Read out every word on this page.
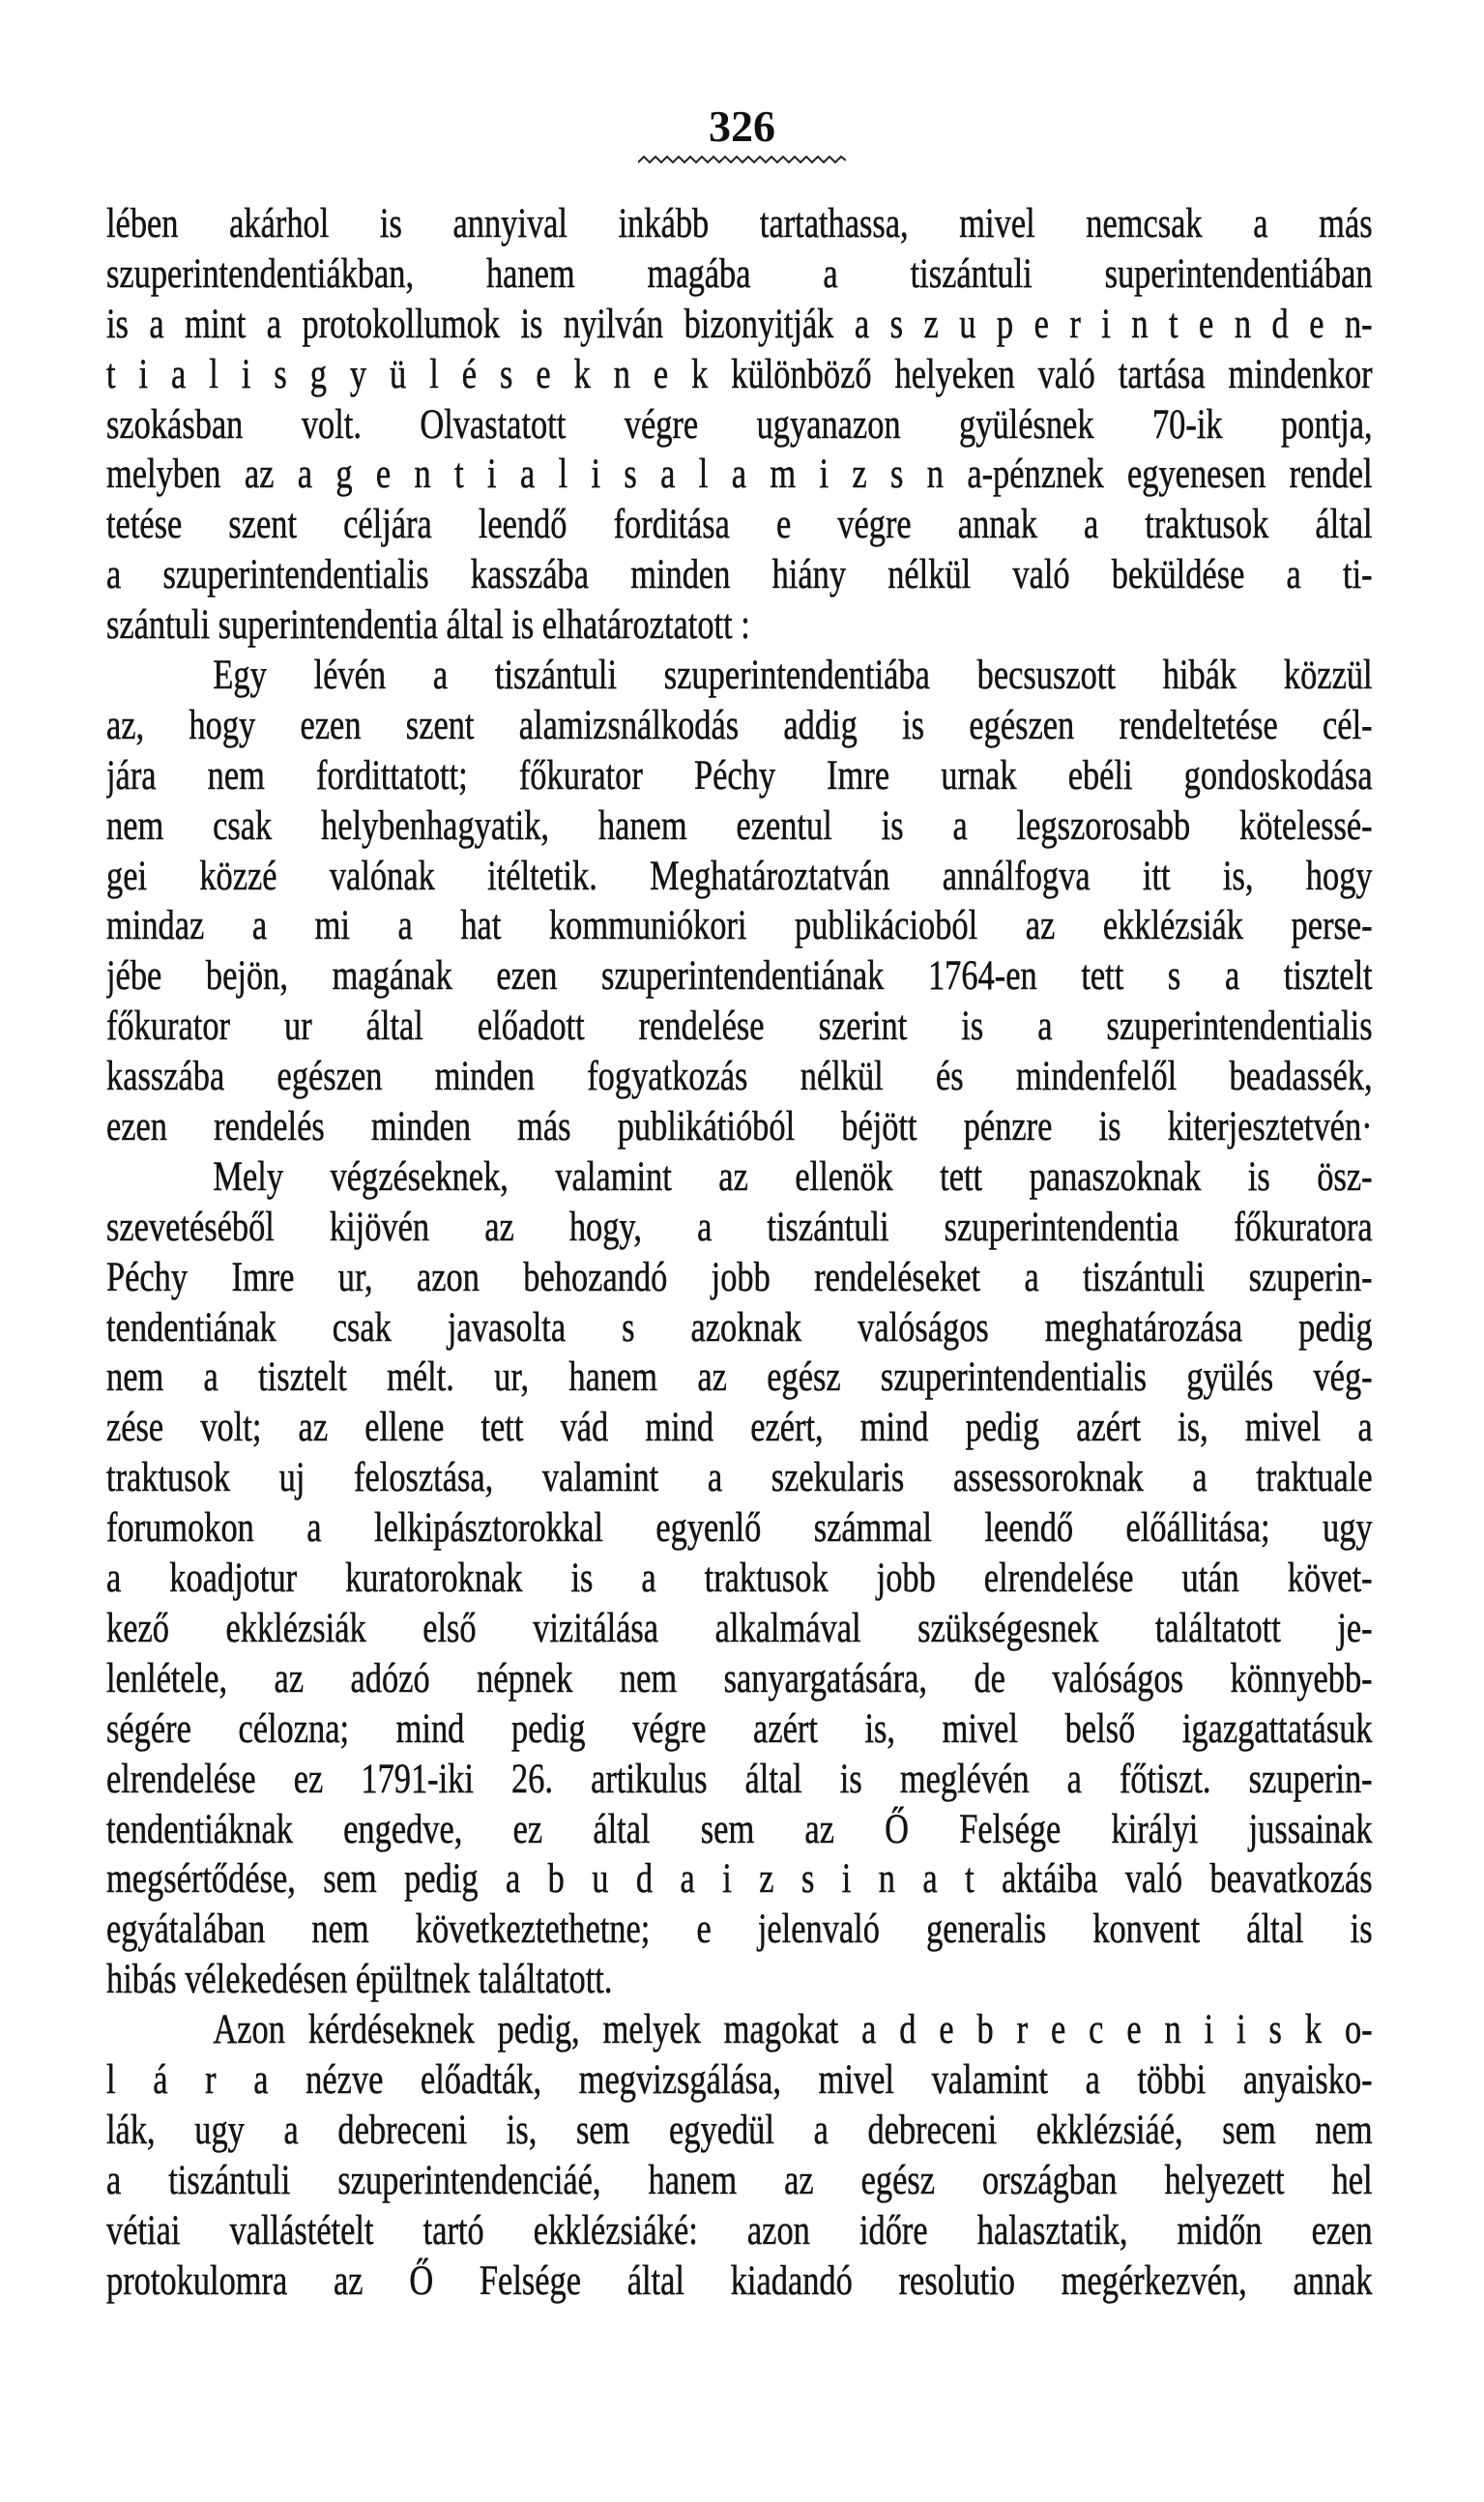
326
lében akárhol is annyival inkább tartathassa, mivel nemcsak a más
szuperintendentiákban, hanem magába a tiszántuli superintendentiában
is a mint a protokollumok is nyilván bizonyitják a s z u p e r i n t e n d e n-
t i a l i s g y ü l é s e k n e k különböző helyeken való tartása mindenkor
szokásban volt. Olvastatott végre ugyanazon gyülésnek 70-ik pontja,
melyben az a g e n t i a l i s a l a m i z s n a-pénznek egyenesen rendel
tetése szent céljára leendő forditása e végre annak a traktusok által
a szuperintendentialis kasszába minden hiány nélkül való beküldése a ti-
szántuli superintendentia által is elhatároztatott :
Egy lévén a tiszántuli szuperintendentiába becsuszott hibák közzül
az, hogy ezen szent alamizsnálkodás addig is egészen rendeltetése cél-
jára nem fordittatott; főkurator Péchy Imre urnak ebéli gondoskodása
nem csak helybenhagyatik, hanem ezentul is a legszorosabb kötelessé-
gei közzé valónak itéltetik. Meghatároztatván annálfogva itt is, hogy
mindaz a mi a hat kommuniókori publikácioból az ekklézsiák perse-
jébe bejön, magának ezen szuperintendentiának 1764-en tett s a tisztelt
főkurator ur által előadott rendelése szerint is a szuperintendentialis
kasszába egészen minden fogyatkozás nélkül és mindenfelől beadassék,
ezen rendelés minden más publikátióból béjött pénzre is kiterjesztetvén·
Mely végzéseknek, valamint az ellenök tett panaszoknak is ösz-
szevetéséből kijövén az hogy, a tiszántuli szuperintendentia főkuratora
Péchy Imre ur, azon behozandó jobb rendeléseket a tiszántuli szuperin-
tendentiának csak javasolta s azoknak valóságos meghatározása pedig
nem a tisztelt mélt. ur, hanem az egész szuperintendentialis gyülés vég-
zése volt; az ellene tett vád mind ezért, mind pedig azért is, mivel a
traktusok uj felosztása, valamint a szekularis assessoroknak a traktuale
forumokon a lelkipásztorokkal egyenlő számmal leendő előállitása; ugy
a koadjotur kuratoroknak is a traktusok jobb elrendelése után követ-
kező ekklézsiák első vizitálása alkalmával szükségesnek találtatott je-
lenlétele, az adózó népnek nem sanyargatására, de valóságos könnyebb-
ségére célozna; mind pedig végre azért is, mivel belső igazgattatásuk
elrendelése ez 1791-iki 26. artikulus által is meglévén a főtiszt. szuperin-
tendentiáknak engedve, ez által sem az Ő Felsége királyi jussainak
megsértődése, sem pedig a b u d a i z s i n a t aktáiba való beavatkozás
egyátalában nem következtethetne; e jelenvaló generalis konvent által is
hibás vélekedésen épültnek találtatott.
Azon kérdéseknek pedig, melyek magokat a d e b r e c e n i i s k o-
l á r a nézve előadták, megvizsgálása, mivel valamint a többi anyaisko-
lák, ugy a debreceni is, sem egyedül a debreceni ekklézsiáé, sem nem
a tiszántuli szuperintendenciáé, hanem az egész országban helyezett hel
vétiai vallástételt tartó ekklézsiáké: azon időre halasztatik, midőn ezen
protokulomra az Ő Felsége által kiadandó resolutio megérkezvén, annak
